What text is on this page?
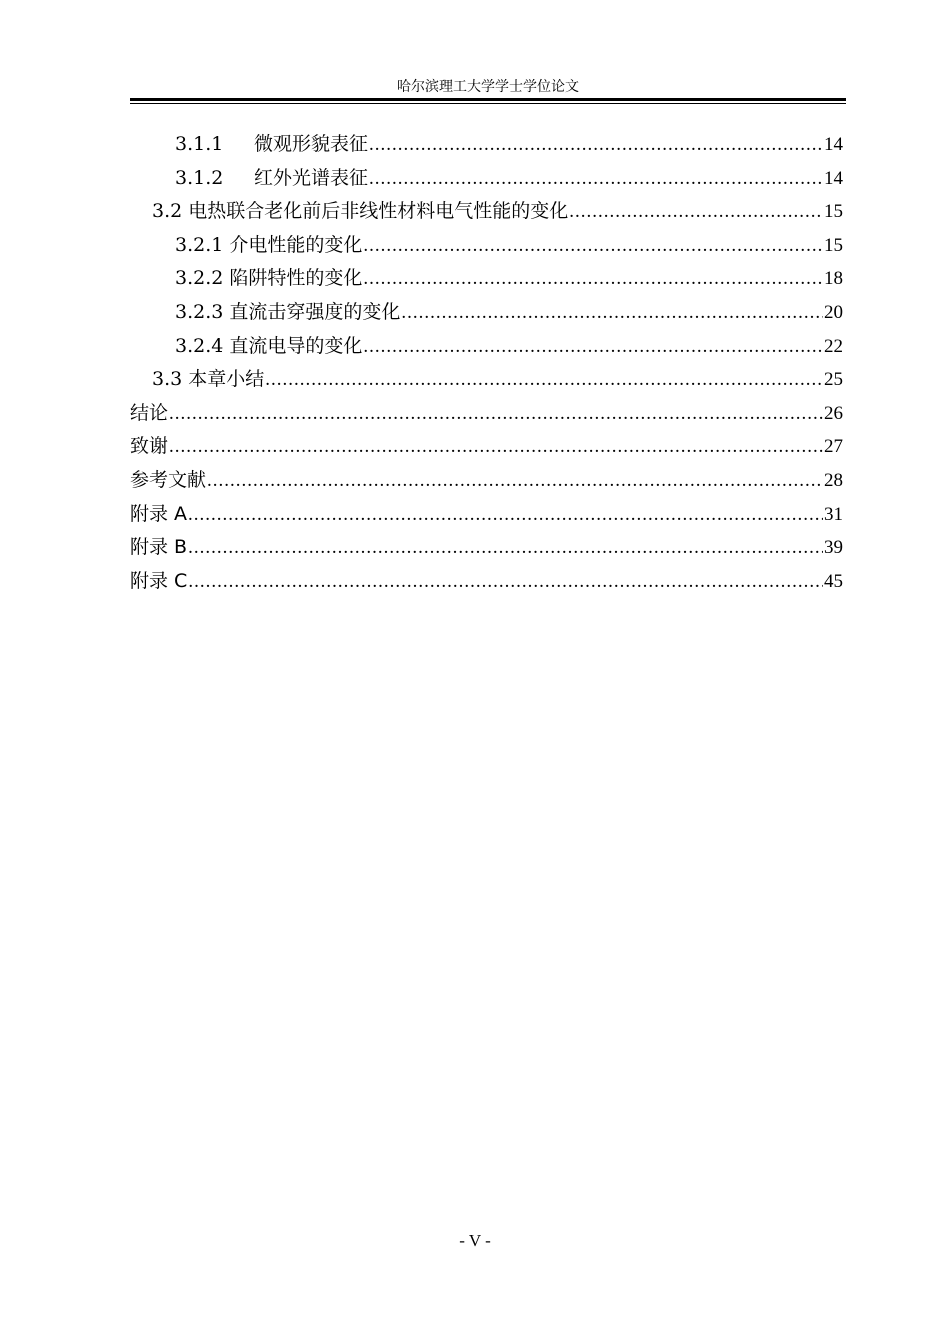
哈尔滨理工大学学士学位论文
3.1.1 微观形貌表征 .....	14
3.1.2 红外光谱表征 .....	14
3.2 电热联合老化前后非线性材料电气性能的变化 .....	15
3.2.1 介电性能的变化 .....	15
3.2.2 陷阱特性的变化 .....	18
3.2.3 直流击穿强度的变化 .....	20
3.2.4 直流电导的变化 .....	22
3.3 本章小结 .....	25
结论 .....	26
致谢 .....	27
参考文献 .....	28
附录 A .....	31
附录 B .....	39
附录 C .....	45
- V -
